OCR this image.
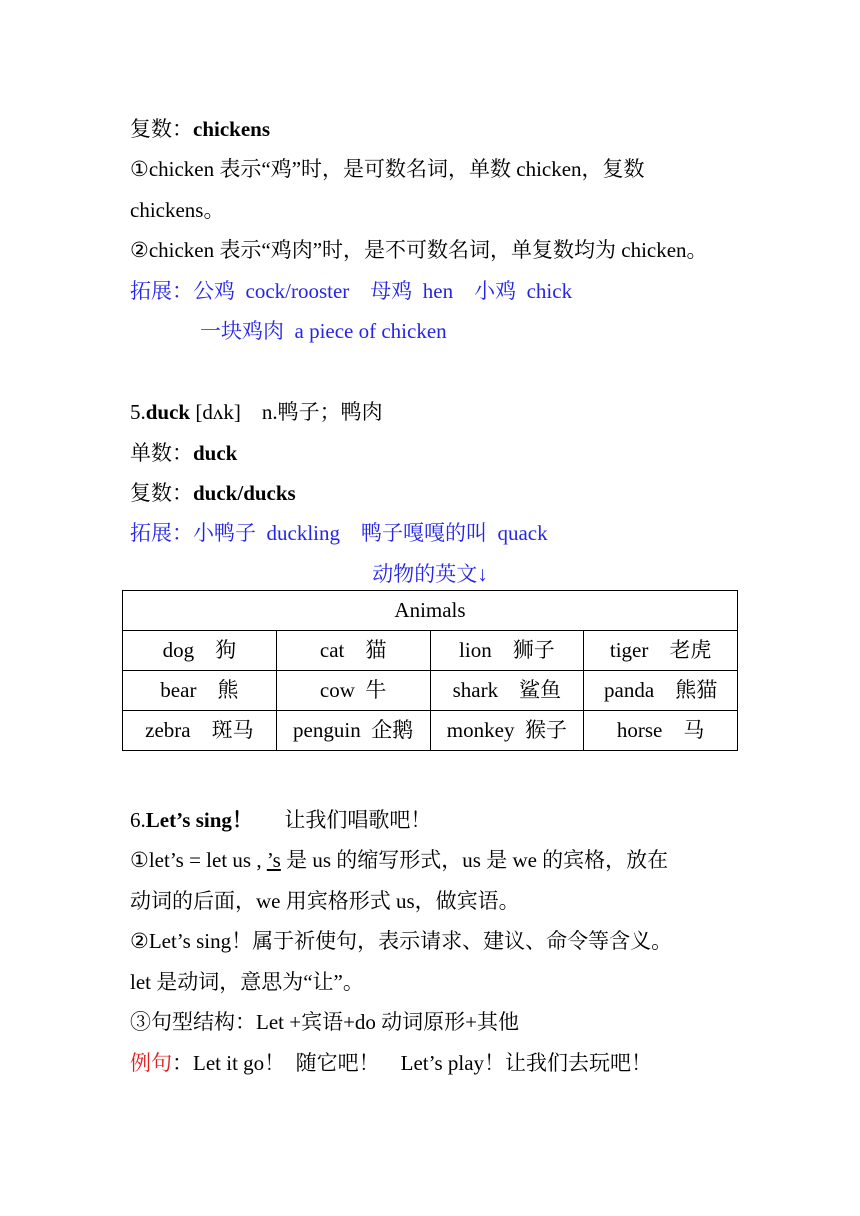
复数：chickens
①chicken 表示“鸡”时，是可数名词，单数 chicken，复数
chickens。
②chicken 表示“鸡肉”时，是不可数名词，单复数均为 chicken。
拓展：公鸡  cock/rooster    母鸡  hen    小鸡  chick
一块鸡肉  a piece of chicken
5.duck [dʌk]    n.鸭子；鸭肉
单数：duck
复数：duck/ducks
拓展：小鸭子  duckling    鸭子嘎嘎的叫  quack
动物的英文↓
Animals			
dog    狗	cat    猫	lion    狮子	tiger    老虎
bear    熊	cow  牛	shark    鲨鱼	panda    熊猫
zebra    斑马	penguin  企鹅	monkey  猴子	horse    马
6.Let’s sing！      让我们唱歌吧！
①let’s = let us , ’s 是 us 的缩写形式，us 是 we 的宾格，放在
动词的后面，we 用宾格形式 us，做宾语。
②Let’s sing！属于祈使句，表示请求、建议、命令等含义。
let 是动词，意思为“让”。
③句型结构：Let +宾语+do 动词原形+其他
例句：Let it go！  随它吧！    Let’s play！让我们去玩吧！
